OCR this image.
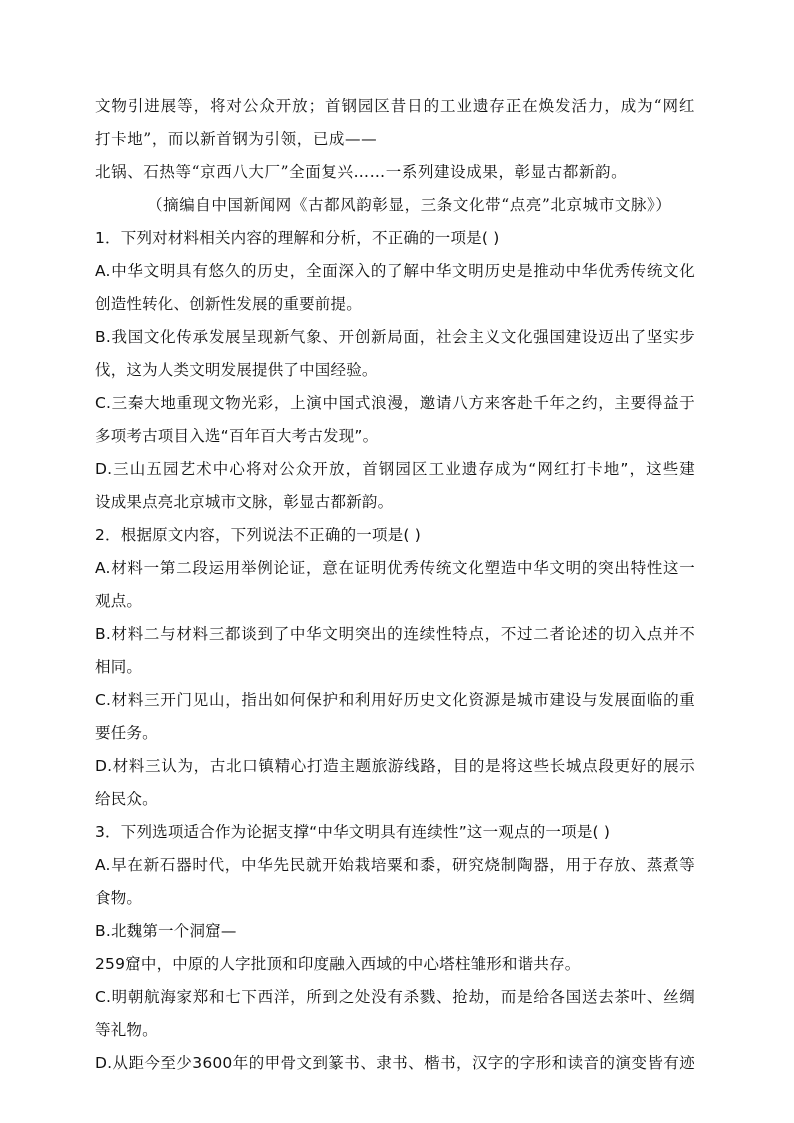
文物引进展等，将对公众开放；首钢园区昔日的工业遗存正在焕发活力，成为“网红
打卡地”，而以新首钢为引领，已成——
北锅、石热等“京西八大厂”全面复兴……一系列建设成果，彰显古都新韵。
（摘编自中国新闻网《古都风韵彰显，三条文化带“点亮”北京城市文脉》）
1．下列对材料相关内容的理解和分析，不正确的一项是( )
A.中华文明具有悠久的历史，全面深入的了解中华文明历史是推动中华优秀传统文化
创造性转化、创新性发展的重要前提。
B.我国文化传承发展呈现新气象、开创新局面，社会主义文化强国建设迈出了坚实步
伐，这为人类文明发展提供了中国经验。
C.三秦大地重现文物光彩，上演中国式浪漫，邀请八方来客赴千年之约，主要得益于
多项考古项目入选“百年百大考古发现”。
D.三山五园艺术中心将对公众开放，首钢园区工业遗存成为“网红打卡地”，这些建
设成果点亮北京城市文脉，彰显古都新韵。
2．根据原文内容，下列说法不正确的一项是( )
A.材料一第二段运用举例论证，意在证明优秀传统文化塑造中华文明的突出特性这一
观点。
B.材料二与材料三都谈到了中华文明突出的连续性特点，不过二者论述的切入点并不
相同。
C.材料三开门见山，指出如何保护和利用好历史文化资源是城市建设与发展面临的重
要任务。
D.材料三认为，古北口镇精心打造主题旅游线路，目的是将这些长城点段更好的展示
给民众。
3．下列选项适合作为论据支撑“中华文明具有连续性”这一观点的一项是( )
A.早在新石器时代，中华先民就开始栽培粟和黍，研究烧制陶器，用于存放、蒸煮等
食物。
B.北魏第一个洞窟—
259窟中，中原的人字批顶和印度融入西域的中心塔柱雏形和谐共存。
C.明朝航海家郑和七下西洋，所到之处没有杀戮、抢劫，而是给各国送去茶叶、丝绸
等礼物。
D.从距今至少3600年的甲骨文到篆书、隶书、楷书，汉字的字形和读音的演变皆有迹
